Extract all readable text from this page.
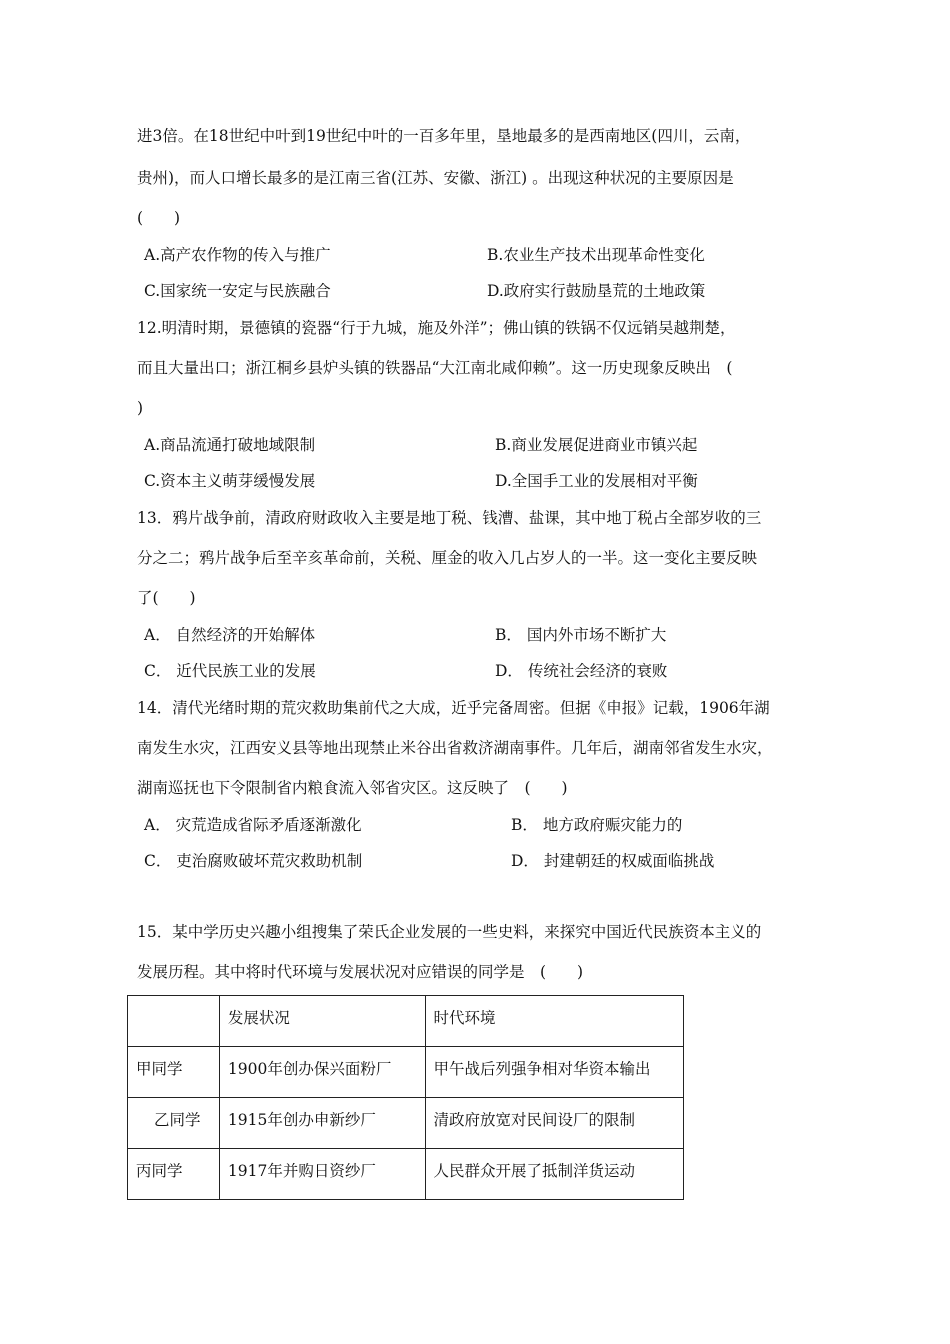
进3倍。在18世纪中叶到19世纪中叶的一百多年里，垦地最多的是西南地区(四川，云南，
贵州)，而人口增长最多的是江南三省(江苏、安徽、浙江) 。出现这种状况的主要原因是
(　　)
A.高产农作物的传入与推广	B.农业生产技术出现革命性变化
C.国家统一安定与民族融合	D.政府实行鼓励垦荒的土地政策
12.明清时期，景德镇的瓷器“行于九城，施及外洋”；佛山镇的铁锅不仅远销吴越荆楚，
而且大量出口；浙江桐乡县炉头镇的铁器品“大江南北咸仰赖”。这一历史现象反映出　(
)
A.商品流通打破地域限制	B.商业发展促进商业市镇兴起
C.资本主义萌芽缓慢发展	D.全国手工业的发展相对平衡
13．鸦片战争前，清政府财政收入主要是地丁税、钱漕、盐课，其中地丁税占全部岁收的三
分之二；鸦片战争后至辛亥革命前，关税、厘金的收入几占岁人的一半。这一变化主要反映
了(　　)
A． 自然经济的开始解体	B． 国内外市场不断扩大
C． 近代民族工业的发展	D． 传统社会经济的衰败
14．清代光绪时期的荒灾救助集前代之大成，近乎完备周密。但据《申报》记载，1906年湖
南发生水灾，江西安义县等地出现禁止米谷出省救济湖南事件。几年后，湖南邻省发生水灾，
湖南巡抚也下令限制省内粮食流入邻省灾区。这反映了　(　　)
A． 灾荒造成省际矛盾逐渐激化	B． 地方政府赈灾能力的
C． 吏治腐败破坏荒灾救助机制	D． 封建朝廷的权威面临挑战
15．某中学历史兴趣小组搜集了荣氏企业发展的一些史料，来探究中国近代民族资本主义的
发展历程。其中将时代环境与发展状况对应错误的同学是　(　　)
	发展状况	时代环境
甲同学	1900年创办保兴面粉厂	甲午战后列强争相对华资本输出
乙同学	1915年创办申新纱厂	清政府放宽对民间设厂的限制
丙同学	1917年并购日资纱厂	人民群众开展了抵制洋货运动
